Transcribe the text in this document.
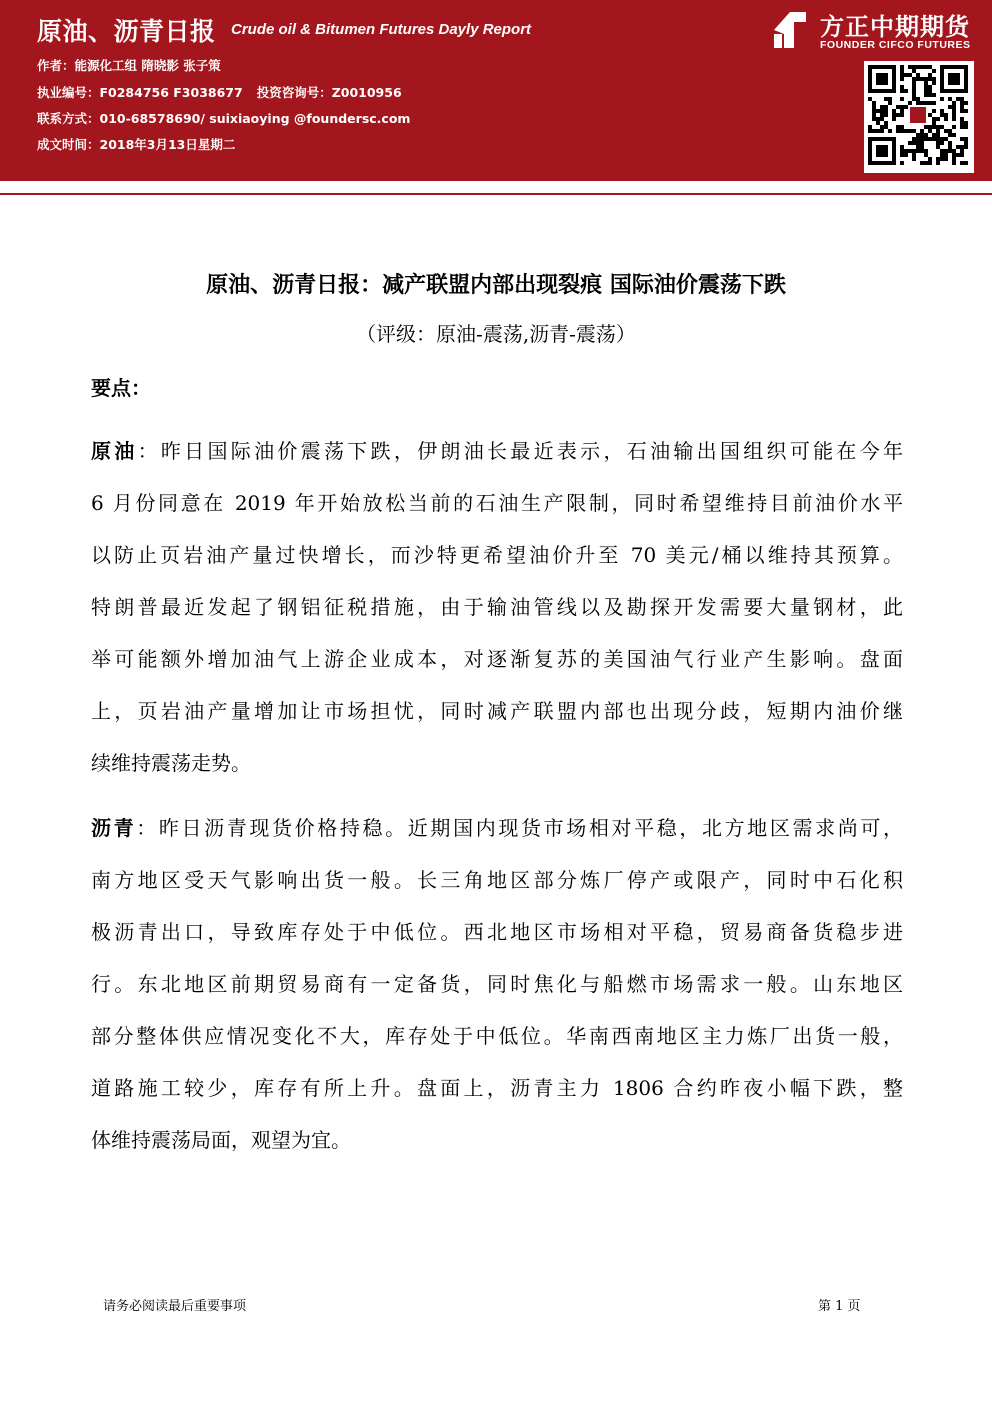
原油、沥青日报 Crude oil & Bitumen Futures Dayly Report
作者：能源化工组 隋晓影 张子策
执业编号：F0284756 F3038677 投资咨询号：Z0010956
联系方式：010-68578690/ suixiaoying @foundersc.com
成文时间：2018年3月13日星期二
方正中期期货
FOUNDER CIFCO FUTURES
原油、沥青日报：减产联盟内部出现裂痕 国际油价震荡下跌
（评级：原油-震荡,沥青-震荡）
要点：
原油：昨日国际油价震荡下跌，伊朗油长最近表示，石油输出国组织可能在今年
6 月份同意在 2019 年开始放松当前的石油生产限制，同时希望维持目前油价水平
以防止页岩油产量过快增长，而沙特更希望油价升至 70 美元/桶以维持其预算。
特朗普最近发起了钢铝征税措施，由于输油管线以及勘探开发需要大量钢材，此
举可能额外增加油气上游企业成本，对逐渐复苏的美国油气行业产生影响。盘面
上，页岩油产量增加让市场担忧，同时减产联盟内部也出现分歧，短期内油价继
续维持震荡走势。
沥青：昨日沥青现货价格持稳。近期国内现货市场相对平稳，北方地区需求尚可，
南方地区受天气影响出货一般。长三角地区部分炼厂停产或限产，同时中石化积
极沥青出口，导致库存处于中低位。西北地区市场相对平稳，贸易商备货稳步进
行。东北地区前期贸易商有一定备货，同时焦化与船燃市场需求一般。山东地区
部分整体供应情况变化不大，库存处于中低位。华南西南地区主力炼厂出货一般，
道路施工较少，库存有所上升。盘面上，沥青主力 1806 合约昨夜小幅下跌，整
体维持震荡局面，观望为宜。
请务必阅读最后重要事项	第 1 页
